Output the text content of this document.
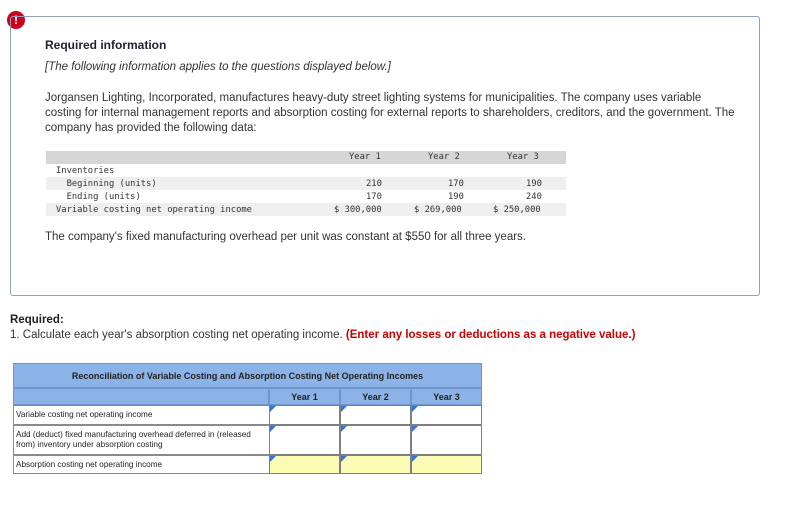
!
Required information
[The following information applies to the questions displayed below.]
Jorgansen Lighting, Incorporated, manufactures heavy-duty street lighting systems for municipalities. The company uses variable costing for internal management reports and absorption costing for external reports to shareholders, creditors, and the government. The company has provided the following data:
Year 1	Year 2	Year 3
Inventories
Beginning (units)	210	170	190
Ending (units)	170	190	240
Variable costing net operating income	$ 300,000	$ 269,000	$ 250,000
The company's fixed manufacturing overhead per unit was constant at $550 for all three years.
Required:
1. Calculate each year's absorption costing net operating income. (Enter any losses or deductions as a negative value.)
Reconciliation of Variable Costing and Absorption Costing Net Operating Incomes
Year 1	Year 2	Year 3
Variable costing net operating income
Add (deduct) fixed manufacturing overhead deferred in (released from) inventory under absorption costing
Absorption costing net operating income
